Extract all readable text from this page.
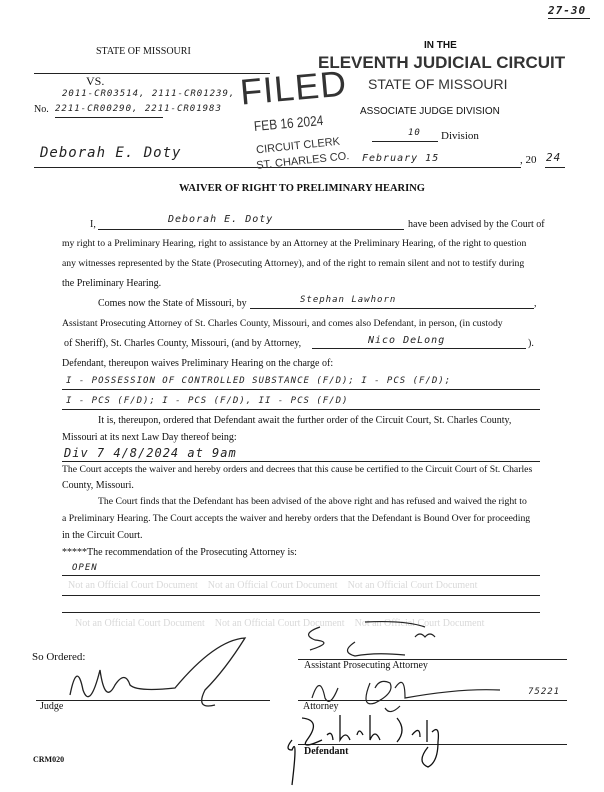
Not an Official Court Document Not an Official Court Document Not an Official Court Document
Not an Official Court Document Not an Official Court Document Not an Official Court Document
27-30
STATE OF MISSOURI
VS.
2011-CR03514, 2111-CR01239,
No. 2211-CR00290, 2211-CR01983
Deborah E. Doty
IN THE
ELEVENTH JUDICIAL CIRCUIT
STATE OF MISSOURI
ASSOCIATE JUDGE DIVISION
10 Division
February 15	, 20 24
FILED
FEB 16 2024
CIRCUIT CLERK
ST. CHARLES CO.
WAIVER OF RIGHT TO PRELIMINARY HEARING
I,	Deborah E. Doty	have been advised by the Court of
my right to a Preliminary Hearing, right to assistance by an Attorney at the Preliminary Hearing, of the right to question
any witnesses represented by the State (Prosecuting Attorney), and of the right to remain silent and not to testify during
the Preliminary Hearing.
Comes now the State of Missouri, by	Stephan Lawhorn	,
Assistant Prosecuting Attorney of St. Charles County, Missouri, and comes also Defendant, in person, (in custody
of Sheriff), St. Charles County, Missouri, (and by Attorney,	Nico DeLong	).
Defendant, thereupon waives Preliminary Hearing on the charge of:
I - POSSESSION OF CONTROLLED SUBSTANCE (F/D); I - PCS (F/D);
I - PCS (F/D); I - PCS (F/D), II - PCS (F/D)
It is, thereupon, ordered that Defendant await the further order of the Circuit Court, St. Charles County,
Missouri at its next Law Day thereof being:
Div 7 4/8/2024 at 9am
The Court accepts the waiver and hereby orders and decrees that this cause be certified to the Circuit Court of St. Charles
County, Missouri.
The Court finds that the Defendant has been advised of the above right and has refused and waived the right to
a Preliminary Hearing. The Court accepts the waiver and hereby orders that the Defendant is Bound Over for proceeding
in the Circuit Court.
*****The recommendation of the Prosecuting Attorney is:
OPEN
So Ordered:
Judge
Assistant Prosecuting Attorney
Attorney
75221
Defendant
CRM020
